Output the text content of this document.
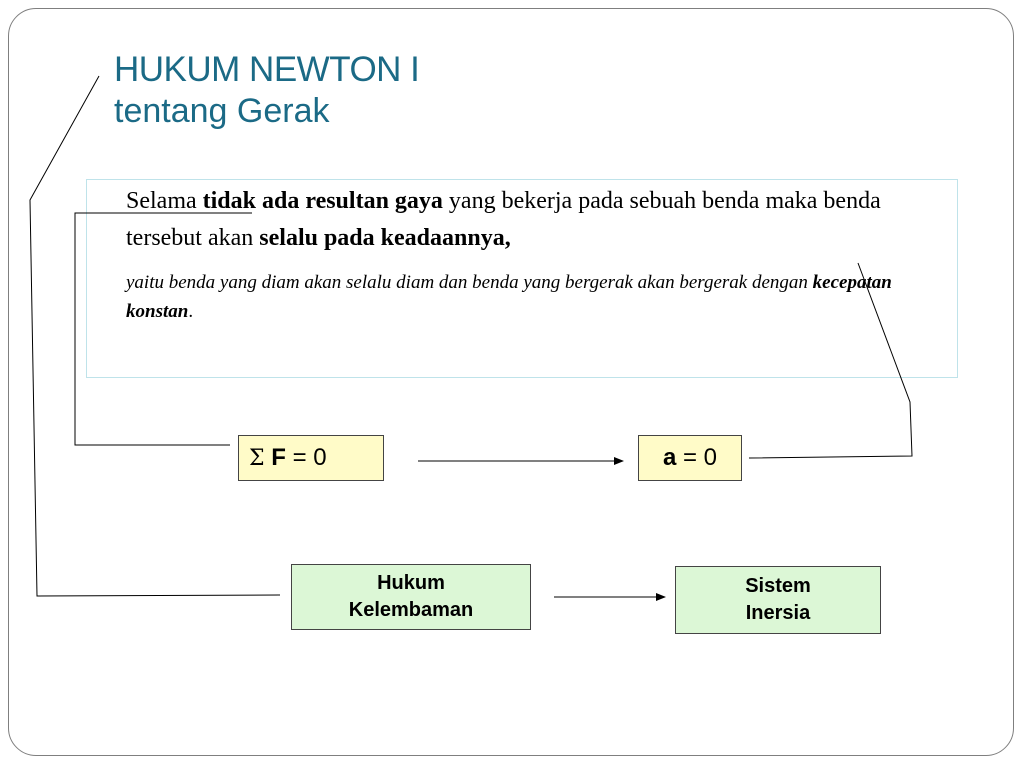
HUKUM NEWTON I
tentang Gerak
Selama tidak ada resultan gaya yang bekerja pada sebuah benda maka benda tersebut akan selalu pada keadaannya,
yaitu benda yang diam akan selalu diam dan benda yang bergerak akan bergerak dengan kecepatan konstan.
Σ
F = 0	a = 0
Hukum
Kelembaman
Sistem
Inersia
